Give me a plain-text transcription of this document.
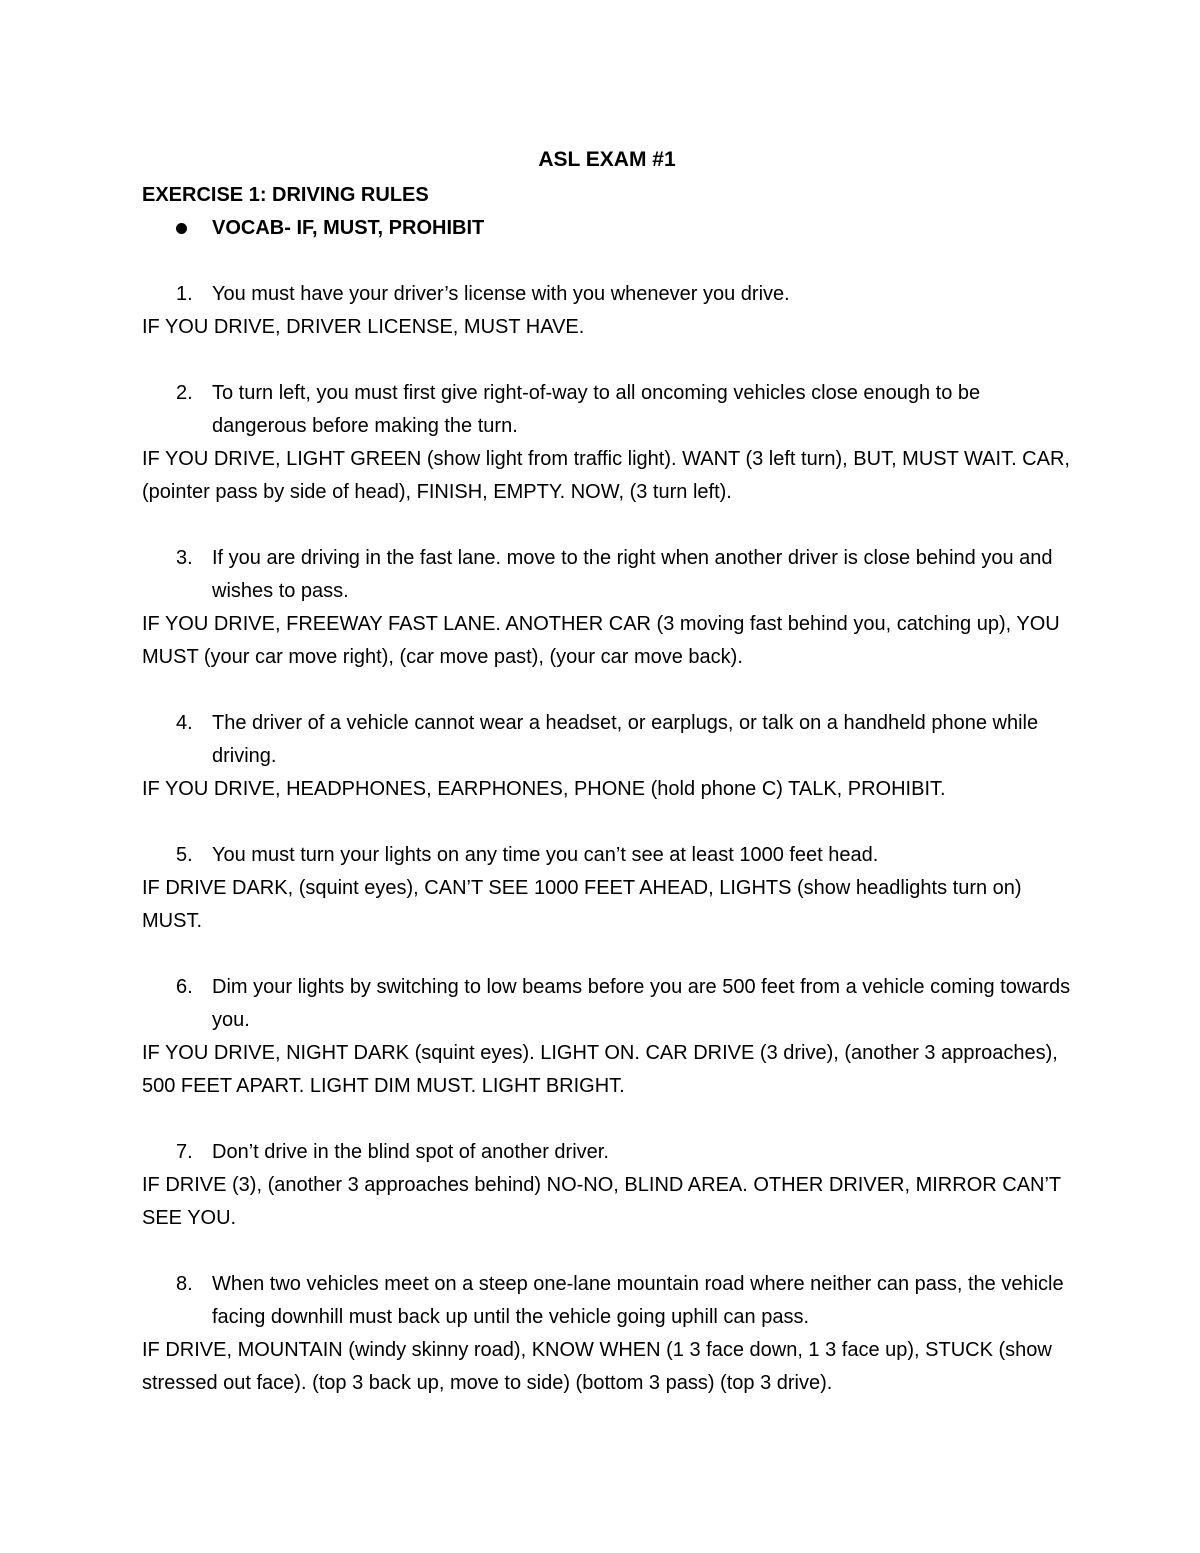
ASL EXAM #1
EXERCISE 1: DRIVING RULES
VOCAB- IF, MUST, PROHIBIT
1. You must have your driver’s license with you whenever you drive.
IF YOU DRIVE, DRIVER LICENSE, MUST HAVE.
2. To turn left, you must first give right-of-way to all oncoming vehicles close enough to be dangerous before making the turn.
IF YOU DRIVE, LIGHT GREEN (show light from traffic light). WANT (3 left turn), BUT, MUST WAIT. CAR, (pointer pass by side of head), FINISH, EMPTY. NOW, (3 turn left).
3. If you are driving in the fast lane. move to the right when another driver is close behind you and wishes to pass.
IF YOU DRIVE, FREEWAY FAST LANE. ANOTHER CAR (3 moving fast behind you, catching up), YOU MUST (your car move right), (car move past), (your car move back).
4. The driver of a vehicle cannot wear a headset, or earplugs, or talk on a handheld phone while driving.
IF YOU DRIVE, HEADPHONES, EARPHONES, PHONE (hold phone C) TALK, PROHIBIT.
5. You must turn your lights on any time you can’t see at least 1000 feet head.
IF DRIVE DARK, (squint eyes), CAN’T SEE 1000 FEET AHEAD, LIGHTS (show headlights turn on) MUST.
6. Dim your lights by switching to low beams before you are 500 feet from a vehicle coming towards you.
IF YOU DRIVE, NIGHT DARK (squint eyes). LIGHT ON. CAR DRIVE (3 drive), (another 3 approaches), 500 FEET APART. LIGHT DIM MUST. LIGHT BRIGHT.
7. Don’t drive in the blind spot of another driver.
IF DRIVE (3), (another 3 approaches behind) NO-NO, BLIND AREA. OTHER DRIVER, MIRROR CAN’T SEE YOU.
8. When two vehicles meet on a steep one-lane mountain road where neither can pass, the vehicle facing downhill must back up until the vehicle going uphill can pass.
IF DRIVE, MOUNTAIN (windy skinny road), KNOW WHEN (1 3 face down, 1 3 face up), STUCK (show stressed out face). (top 3 back up, move to side) (bottom 3 pass) (top 3 drive).
